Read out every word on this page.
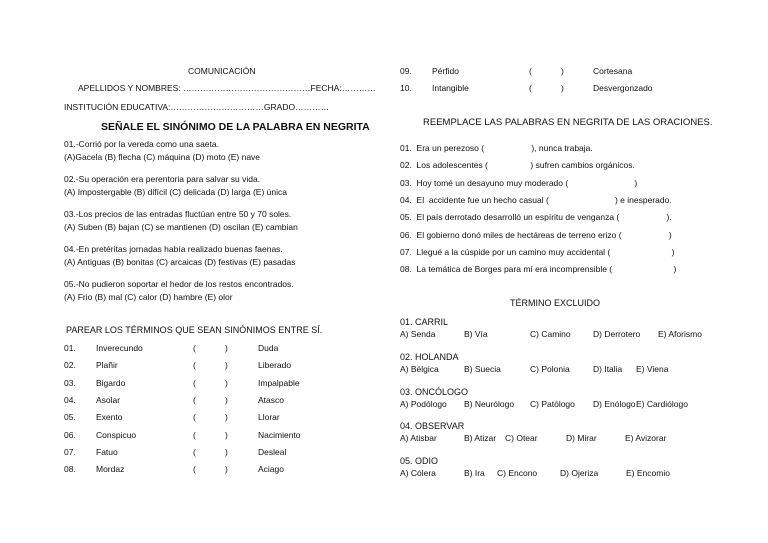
COMUNICACIÓN
APELLIDOS Y NOMBRES: ………………………………………FECHA:…………
INSTITUCIÓN EDUCATIVA:……………………………GRADO…………
SEÑALE EL SINÓNIMO DE LA PALABRA EN NEGRITA
01.-Corrió por la vereda como una saeta.
(A)Gacela (B) flecha (C) máquina (D) moto (E) nave
02.-Su operación era perentoria para salvar su vida.
(A) Impostergable (B) difícil (C) delicada (D) larga (E) única
03.-Los precios de las entradas fluctúan entre 50 y 70 soles.
(A) Suben (B) bajan (C) se mantienen (D) oscilan (E) cambian
04.-En pretéritas jornadas había realizado buenas faenas.
(A) Antiguas (B) bonitas (C) arcaicas (D) festivas (E) pasadas
05.-No pudieron soportar el hedor de los restos encontrados.
(A) Frio (B) mal (C) calor (D) hambre (E) olor
PAREAR LOS TÉRMINOS QUE SEAN SINÓNIMOS ENTRE SÍ.
01. Inverecundo	(	)	Duda
02. Plañir	(	)	Liberado
03. Bigardo	(	)	Impalpable
04. Asolar	(	)	Atasco
05. Exento	(	)	Llorar
06. Conspicuo	(	)	Nacimiento
07. Fatuo	(	)	Desleal
08. Mordaz	(	)	Aciago
09. Pérfido	(	)	Cortesana
10. Intangible	(	)	Desvergonzado
REEMPLACE LAS PALABRAS EN NEGRITA DE LAS ORACIONES.
01.  Era un perezoso (                    ), nunca trabaja.
02.  Los adolescentes (                  ) sufren cambios orgánicos.
03.  Hoy tomé un desayuno muy moderado (                            )
04.  El  accidente fue un hecho casual (                            ) e inesperado.
05.  El país derrotado desarrolló un espíritu de venganza (                    ).
06.  El gobierno donó miles de hectáreas de terreno erizo (                    )
07.  Llegué a la cúspide por un camino muy accidental (                          )
08.  La temática de Borges para mí era incomprensible (                          )
TÉRMINO EXCLUIDO
01. CARRIL
A) Senda	B) Vía	C) Camino	D) Derrotero E) Aforismo
02. HOLANDA
A) Bélgica	B) Suecia	C) Polonia	D) Italia E) Viena
03. ONCÓLOGO
A) Podólogo B) Neurólogo C) Patólogo D) Enólogo E) Cardiólogo
04. OBSERVAR
A) Atisbar	B) Atizar C) Otear	D) Mirar	E) Avizorar
05. ODIO
A) Cólera	B) Ira C) Encono	D) Ojeriza	E) Encomio
